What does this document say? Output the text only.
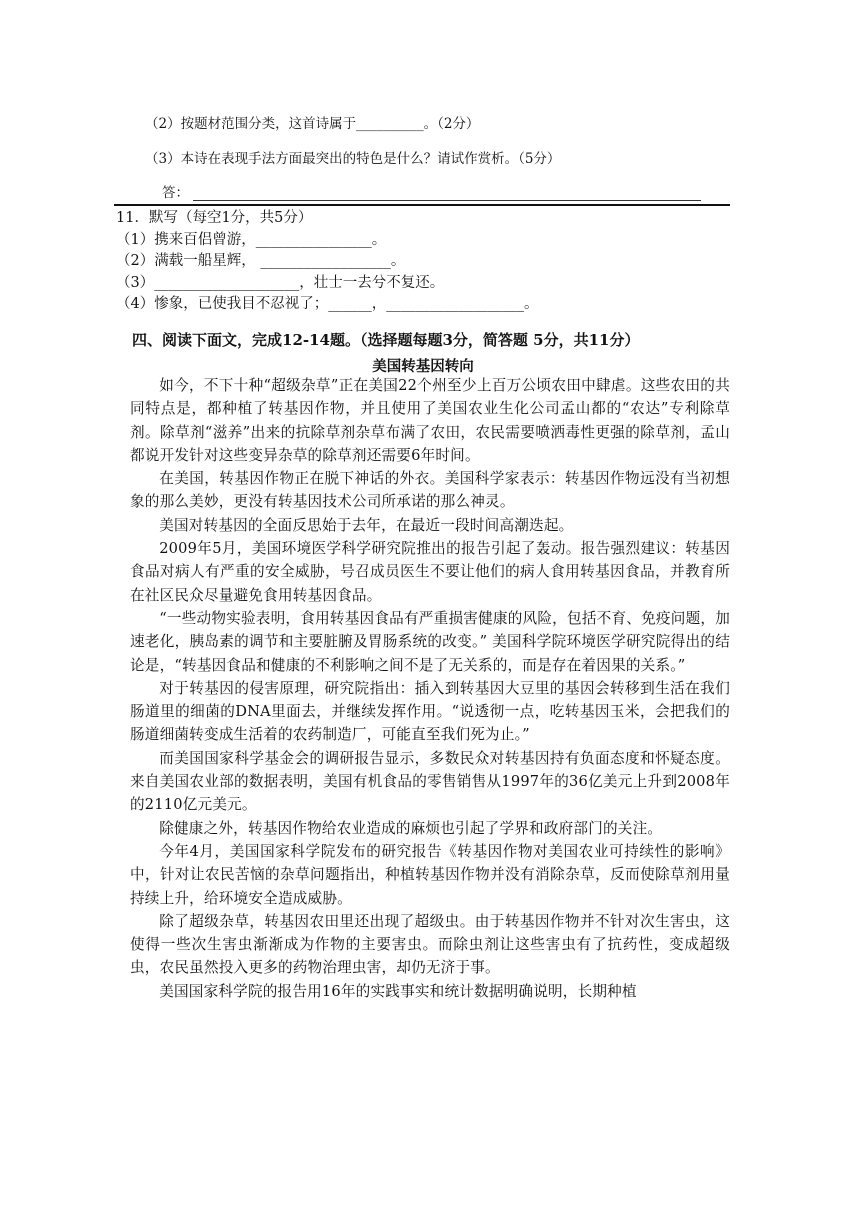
（2）按题材范围分类，这首诗属于__________。（2分）
（3）本诗在表现手法方面最突出的特色是什么？请试作赏析。（5分）
答：
11．默写（每空1分，共5分）
（1）携来百侣曾游，________________。
（2）满载一船星辉， __________________。
（3）____________________，壮士一去兮不复还。
（4）惨象，已使我目不忍视了；______，___________________。
四、阅读下面文，完成12-14题。（选择题每题3分，简答题 5分，共11分）
美国转基因转向

如今，不下十种“超级杂草”正在美国22个州至少上百万公顷农田中肆虐。这些农田的共同特点是，都种植了转基因作物，并且使用了美国农业生化公司孟山都的“农达”专利除草剂。除草剂“滋养”出来的抗除草剂杂草布满了农田，农民需要喷洒毒性更强的除草剂，孟山都说开发针对这些变异杂草的除草剂还需要6年时间。

在美国，转基因作物正在脱下神话的外衣。美国科学家表示：转基因作物远没有当初想象的那么美妙，更没有转基因技术公司所承诺的那么神灵。

美国对转基因的全面反思始于去年，在最近一段时间高潮迭起。

2009年5月，美国环境医学科学研究院推出的报告引起了轰动。报告强烈建议：转基因食品对病人有严重的安全威胁，号召成员医生不要让他们的病人食用转基因食品，并教育所在社区民众尽量避免食用转基因食品。

“一些动物实验表明，食用转基因食品有严重损害健康的风险，包括不育、免疫问题，加速老化，胰岛素的调节和主要脏腑及胃肠系统的改变。” 美国科学院环境医学研究院得出的结论是，“转基因食品和健康的不利影响之间不是了无关系的，而是存在着因果的关系。”

对于转基因的侵害原理，研究院指出：插入到转基因大豆里的基因会转移到生活在我们肠道里的细菌的DNA里面去，并继续发挥作用。“说透彻一点，吃转基因玉米，会把我们的肠道细菌转变成生活着的农药制造厂，可能直至我们死为止。”

而美国国家科学基金会的调研报告显示，多数民众对转基因持有负面态度和怀疑态度。来自美国农业部的数据表明，美国有机食品的零售销售从1997年的36亿美元上升到2008年的2110亿元美元。

除健康之外，转基因作物给农业造成的麻烦也引起了学界和政府部门的关注。

今年4月，美国国家科学院发布的研究报告《转基因作物对美国农业可持续性的影响》中，针对让农民苦恼的杂草问题指出，种植转基因作物并没有消除杂草，反而使除草剂用量持续上升，给环境安全造成威胁。

除了超级杂草，转基因农田里还出现了超级虫。由于转基因作物并不针对次生害虫，这使得一些次生害虫渐渐成为作物的主要害虫。而除虫剂让这些害虫有了抗药性，变成超级虫，农民虽然投入更多的药物治理虫害，却仍无济于事。

美国国家科学院的报告用16年的实践事实和统计数据明确说明，长期种植
